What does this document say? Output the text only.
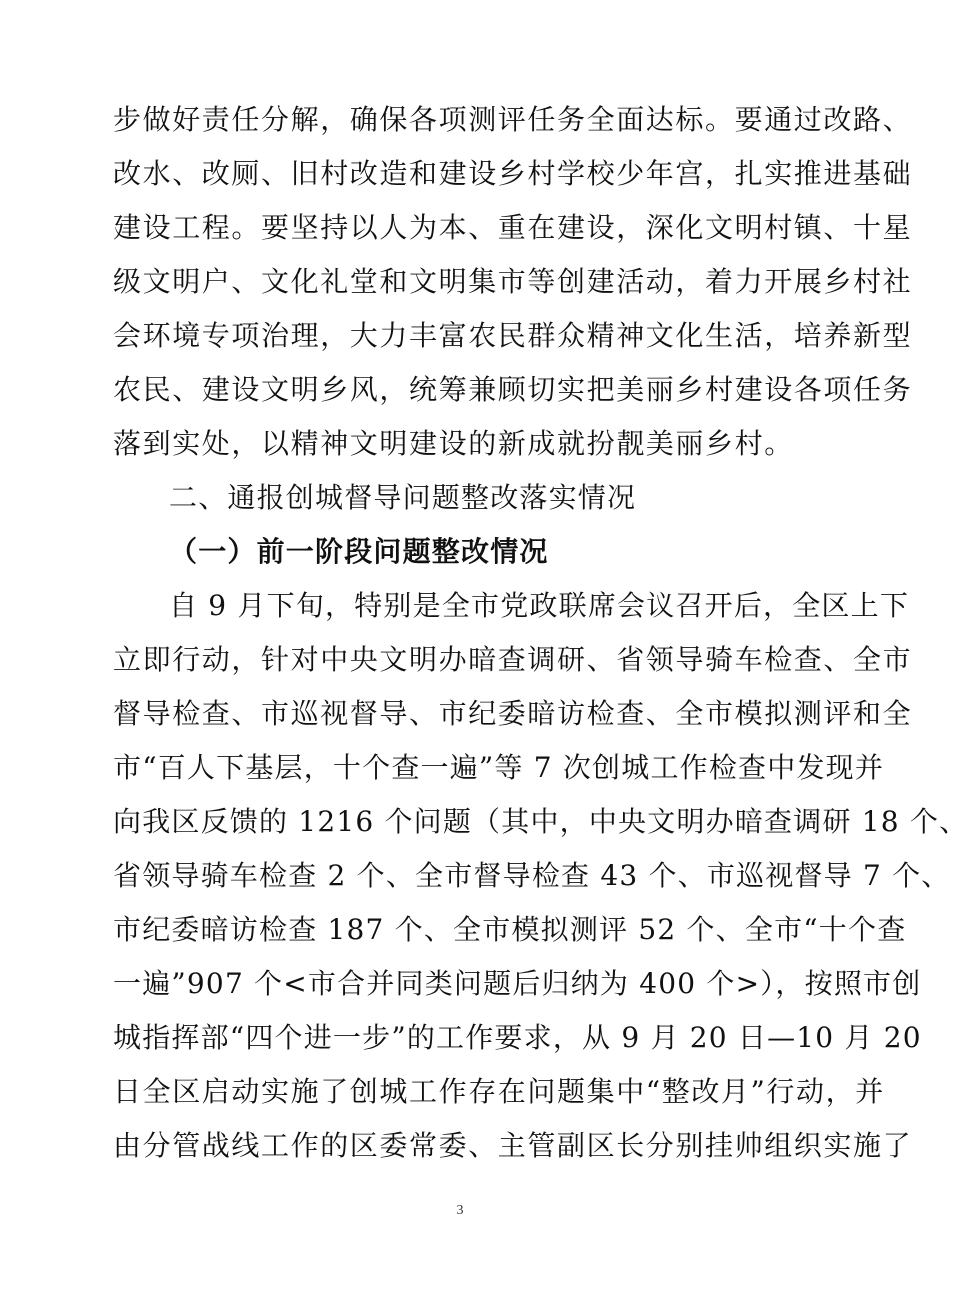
步做好责任分解，确保各项测评任务全面达标。要通过改路、
改水、改厕、旧村改造和建设乡村学校少年宫，扎实推进基础
建设工程。要坚持以人为本、重在建设，深化文明村镇、十星
级文明户、文化礼堂和文明集市等创建活动，着力开展乡村社
会环境专项治理，大力丰富农民群众精神文化生活，培养新型
农民、建设文明乡风，统筹兼顾切实把美丽乡村建设各项任务
落到实处，以精神文明建设的新成就扮靓美丽乡村。
二、通报创城督导问题整改落实情况
（一）前一阶段问题整改情况
自 9 月下旬，特别是全市党政联席会议召开后，全区上下
立即行动，针对中央文明办暗查调研、省领导骑车检查、全市
督导检查、市巡视督导、市纪委暗访检查、全市模拟测评和全
市“百人下基层，十个查一遍”等 7 次创城工作检查中发现并
向我区反馈的 1216 个问题（其中，中央文明办暗查调研 18 个、
省领导骑车检查 2 个、全市督导检查 43 个、市巡视督导 7 个、
市纪委暗访检查 187 个、全市模拟测评 52 个、全市“十个查
一遍”907 个<市合并同类问题后归纳为 400 个>），按照市创
城指挥部“四个进一步”的工作要求，从 9 月 20 日—10 月 20
日全区启动实施了创城工作存在问题集中“整改月”行动，并
由分管战线工作的区委常委、主管副区长分别挂帅组织实施了
3
